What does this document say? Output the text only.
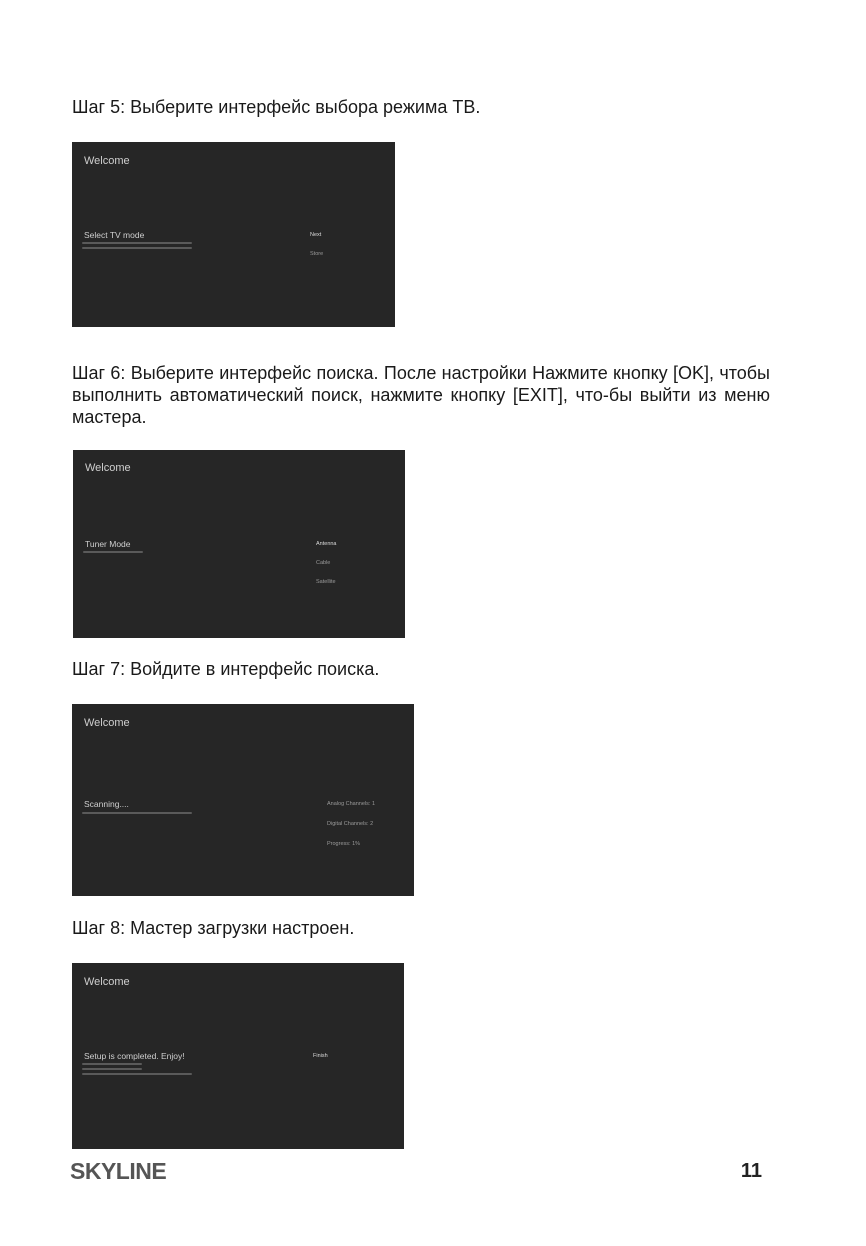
Шаг 5: Выберите интерфейс выбора режима ТВ.

Welcome
Select TV mode	Next
Store

Шаг 6: Выберите интерфейс поиска. После настройки Нажмите кнопку [OK], чтобы выполнить автоматический поиск, нажмите кнопку [EXIT], что-бы выйти из меню мастера.

Welcome
Tuner Mode	Antenna
Cable
Satellite

Шаг 7: Войдите в интерфейс поиска.

Welcome
Scanning....	Analog Channels: 1
Digital Channels: 2
Progress: 1%

Шаг 8: Мастер загрузки настроен.

Welcome
Setup is completed. Enjoy!	Finish
SKYLINE	11
